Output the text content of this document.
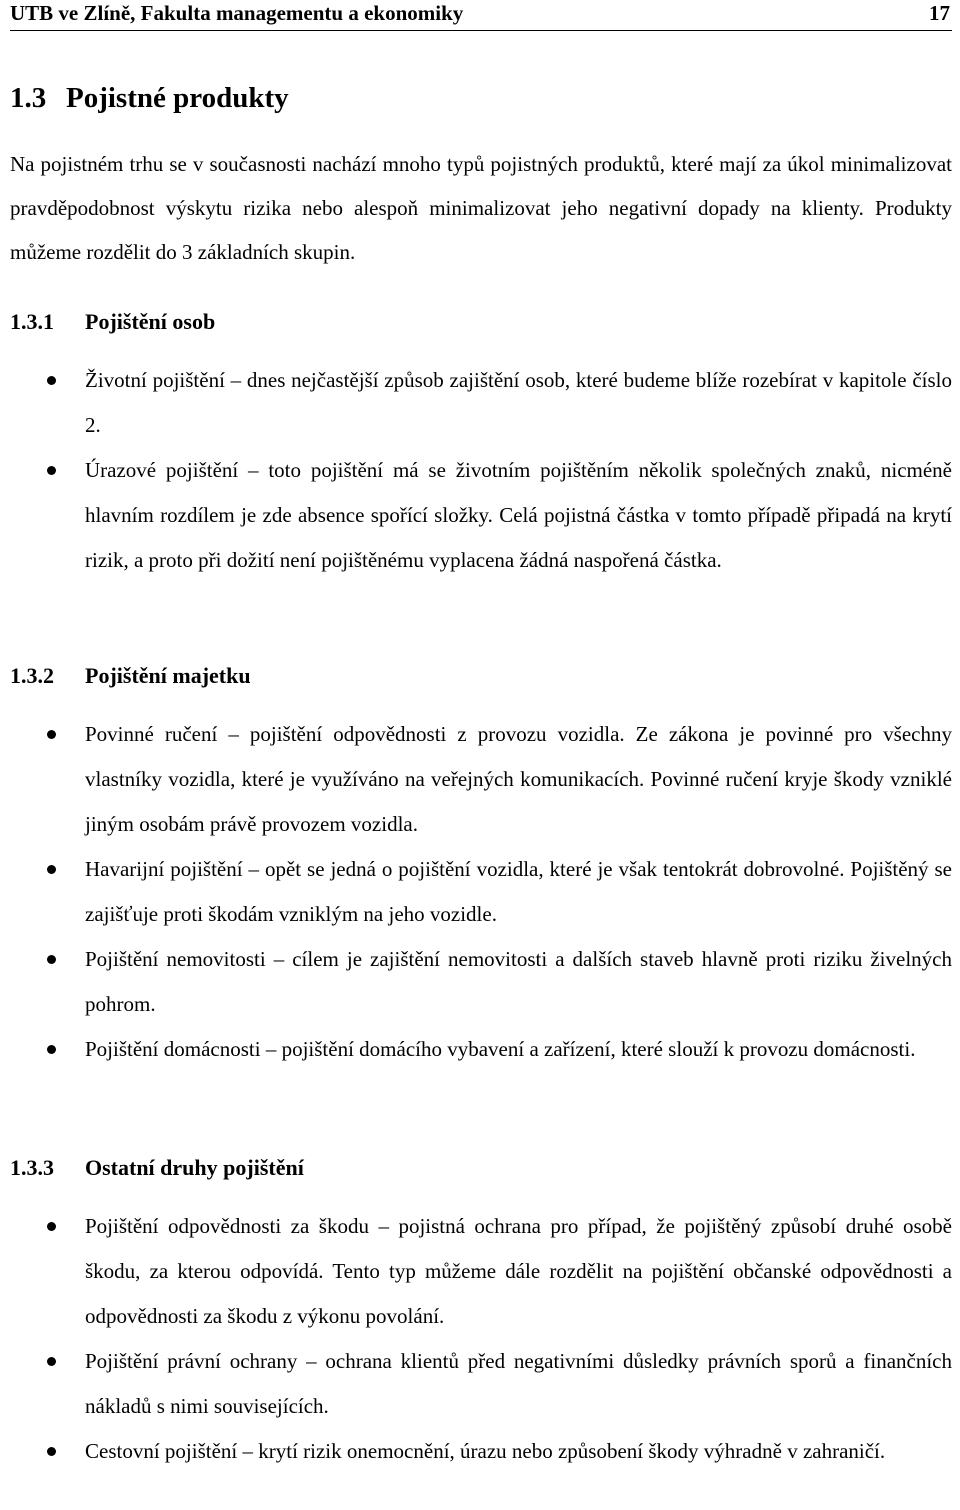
UTB ve Zlíně, Fakulta managementu a ekonomiky	17
1.3 Pojistné produkty

Na pojistném trhu se v současnosti nachází mnoho typů pojistných produktů, které mají za úkol minimalizovat pravděpodobnost výskytu rizika nebo alespoň minimalizovat jeho negativní dopady na klienty. Produkty můžeme rozdělit do 3 základních skupin.

1.3.1 Pojištění osob
Životní pojištění – dnes nejčastější způsob zajištění osob, které budeme blíže rozebírat v kapitole číslo 2.
Úrazové pojištění – toto pojištění má se životním pojištěním několik společných znaků, nicméně hlavním rozdílem je zde absence spořící složky. Celá pojistná částka v tomto případě připadá na krytí rizik, a proto při dožití není pojištěnému vyplacena žádná naspořená částka.
1.3.2 Pojištění majetku
Povinné ručení – pojištění odpovědnosti z provozu vozidla. Ze zákona je povinné pro všechny vlastníky vozidla, které je využíváno na veřejných komunikacích. Povinné ručení kryje škody vzniklé jiným osobám právě provozem vozidla.
Havarijní pojištění – opět se jedná o pojištění vozidla, které je však tentokrát dobrovolné. Pojištěný se zajišťuje proti škodám vzniklým na jeho vozidle.
Pojištění nemovitosti – cílem je zajištění nemovitosti a dalších staveb hlavně proti riziku živelných pohrom.
Pojištění domácnosti – pojištění domácího vybavení a zařízení, které slouží k provozu domácnosti.
1.3.3 Ostatní druhy pojištění
Pojištění odpovědnosti za škodu – pojistná ochrana pro případ, že pojištěný způsobí druhé osobě škodu, za kterou odpovídá. Tento typ můžeme dále rozdělit na pojištění občanské odpovědnosti a odpovědnosti za škodu z výkonu povolání.
Pojištění právní ochrany – ochrana klientů před negativními důsledky právních sporů a finančních nákladů s nimi souvisejících.
Cestovní pojištění – krytí rizik onemocnění, úrazu nebo způsobení škody výhradně v zahraničí.
